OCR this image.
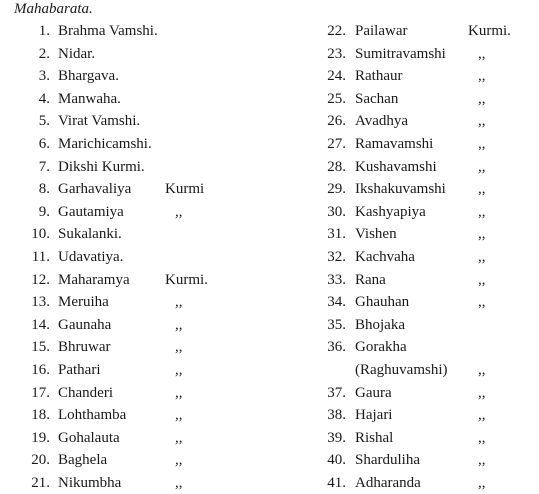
Mahabarata.
1. Brahma Vamshi.
2. Nidar.
3. Bhargava.
4. Manwaha.
5. Virat Vamshi.
6. Marichicamshi.
7. Dikshi Kurmi.
8. Garhavaliya Kurmi
9. Gautamiya	,,
10. Sukalanki.
11. Udavatiya.
12. Maharamya Kurmi.
13. Meruiha	,,
14. Gaunaha	,,
15. Bhruwar	,,
16. Pathari	,,
17. Chanderi	,,
18. Lohthamba	,,
19. Gohalauta	,,
20. Baghela	,,
21. Nikumbha	,,
22. Pailawar	Kurmi.
23. Sumitravamshi ,,
24. Rathaur	,,
25. Sachan	,,
26. Avadhya	,,
27. Ramavamshi	,,
28. Kushavamshi	,,
29. Ikshakuvamshi ,,
30. Kashyapiya	,,
31. Vishen	,,
32. Kachvaha	,,
33. Rana	,,
34. Ghauhan	,,
35. Bhojaka
36. Gorakha
(Raghuvamshi) ,,
37. Gaura	,,
38. Hajari	,,
39. Rishal	,,
40. Sharduliha	,,
41. Adharanda	,,
